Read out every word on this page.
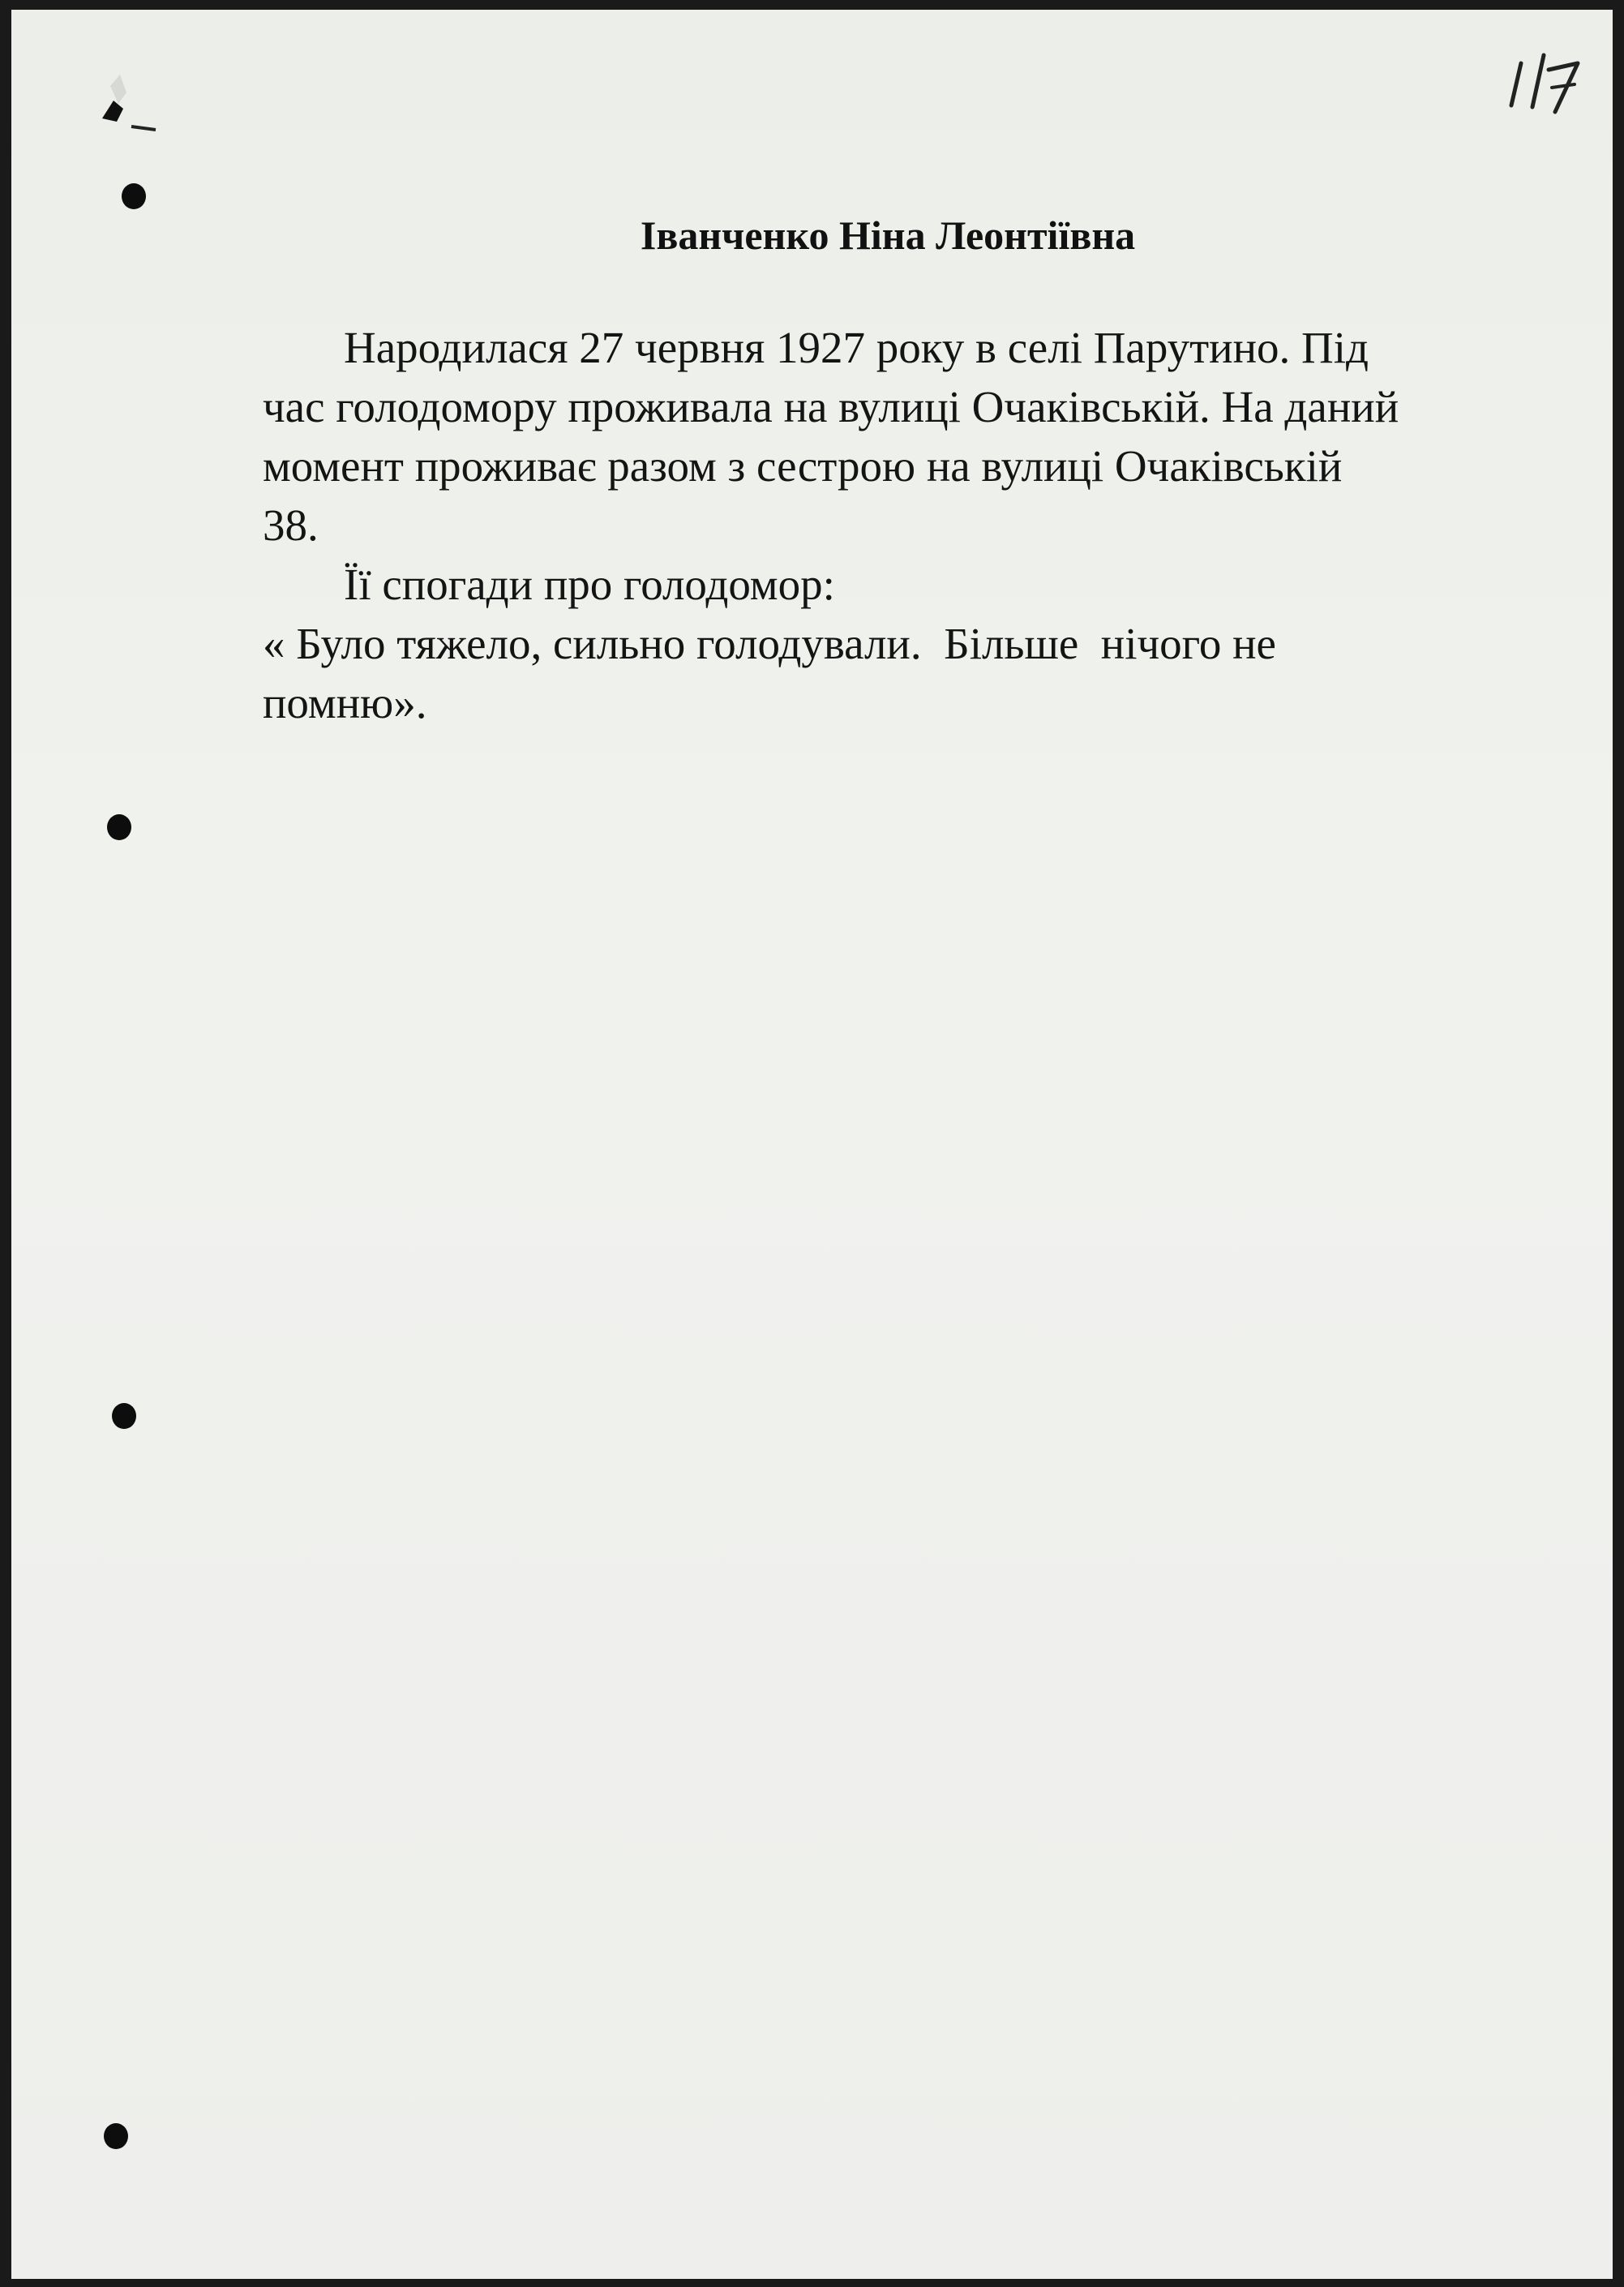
Іванченко Ніна Леонтіївна
Народилася 27 червня 1927 року в селі Парутино. Під
час голодомору проживала на вулиці Очаківській. На даний
момент проживає разом з сестрою на вулиці Очаківській
38.
Її спогади про голодомор:
« Було тяжело, сильно голодували.  Більше  нічого не
помню».
